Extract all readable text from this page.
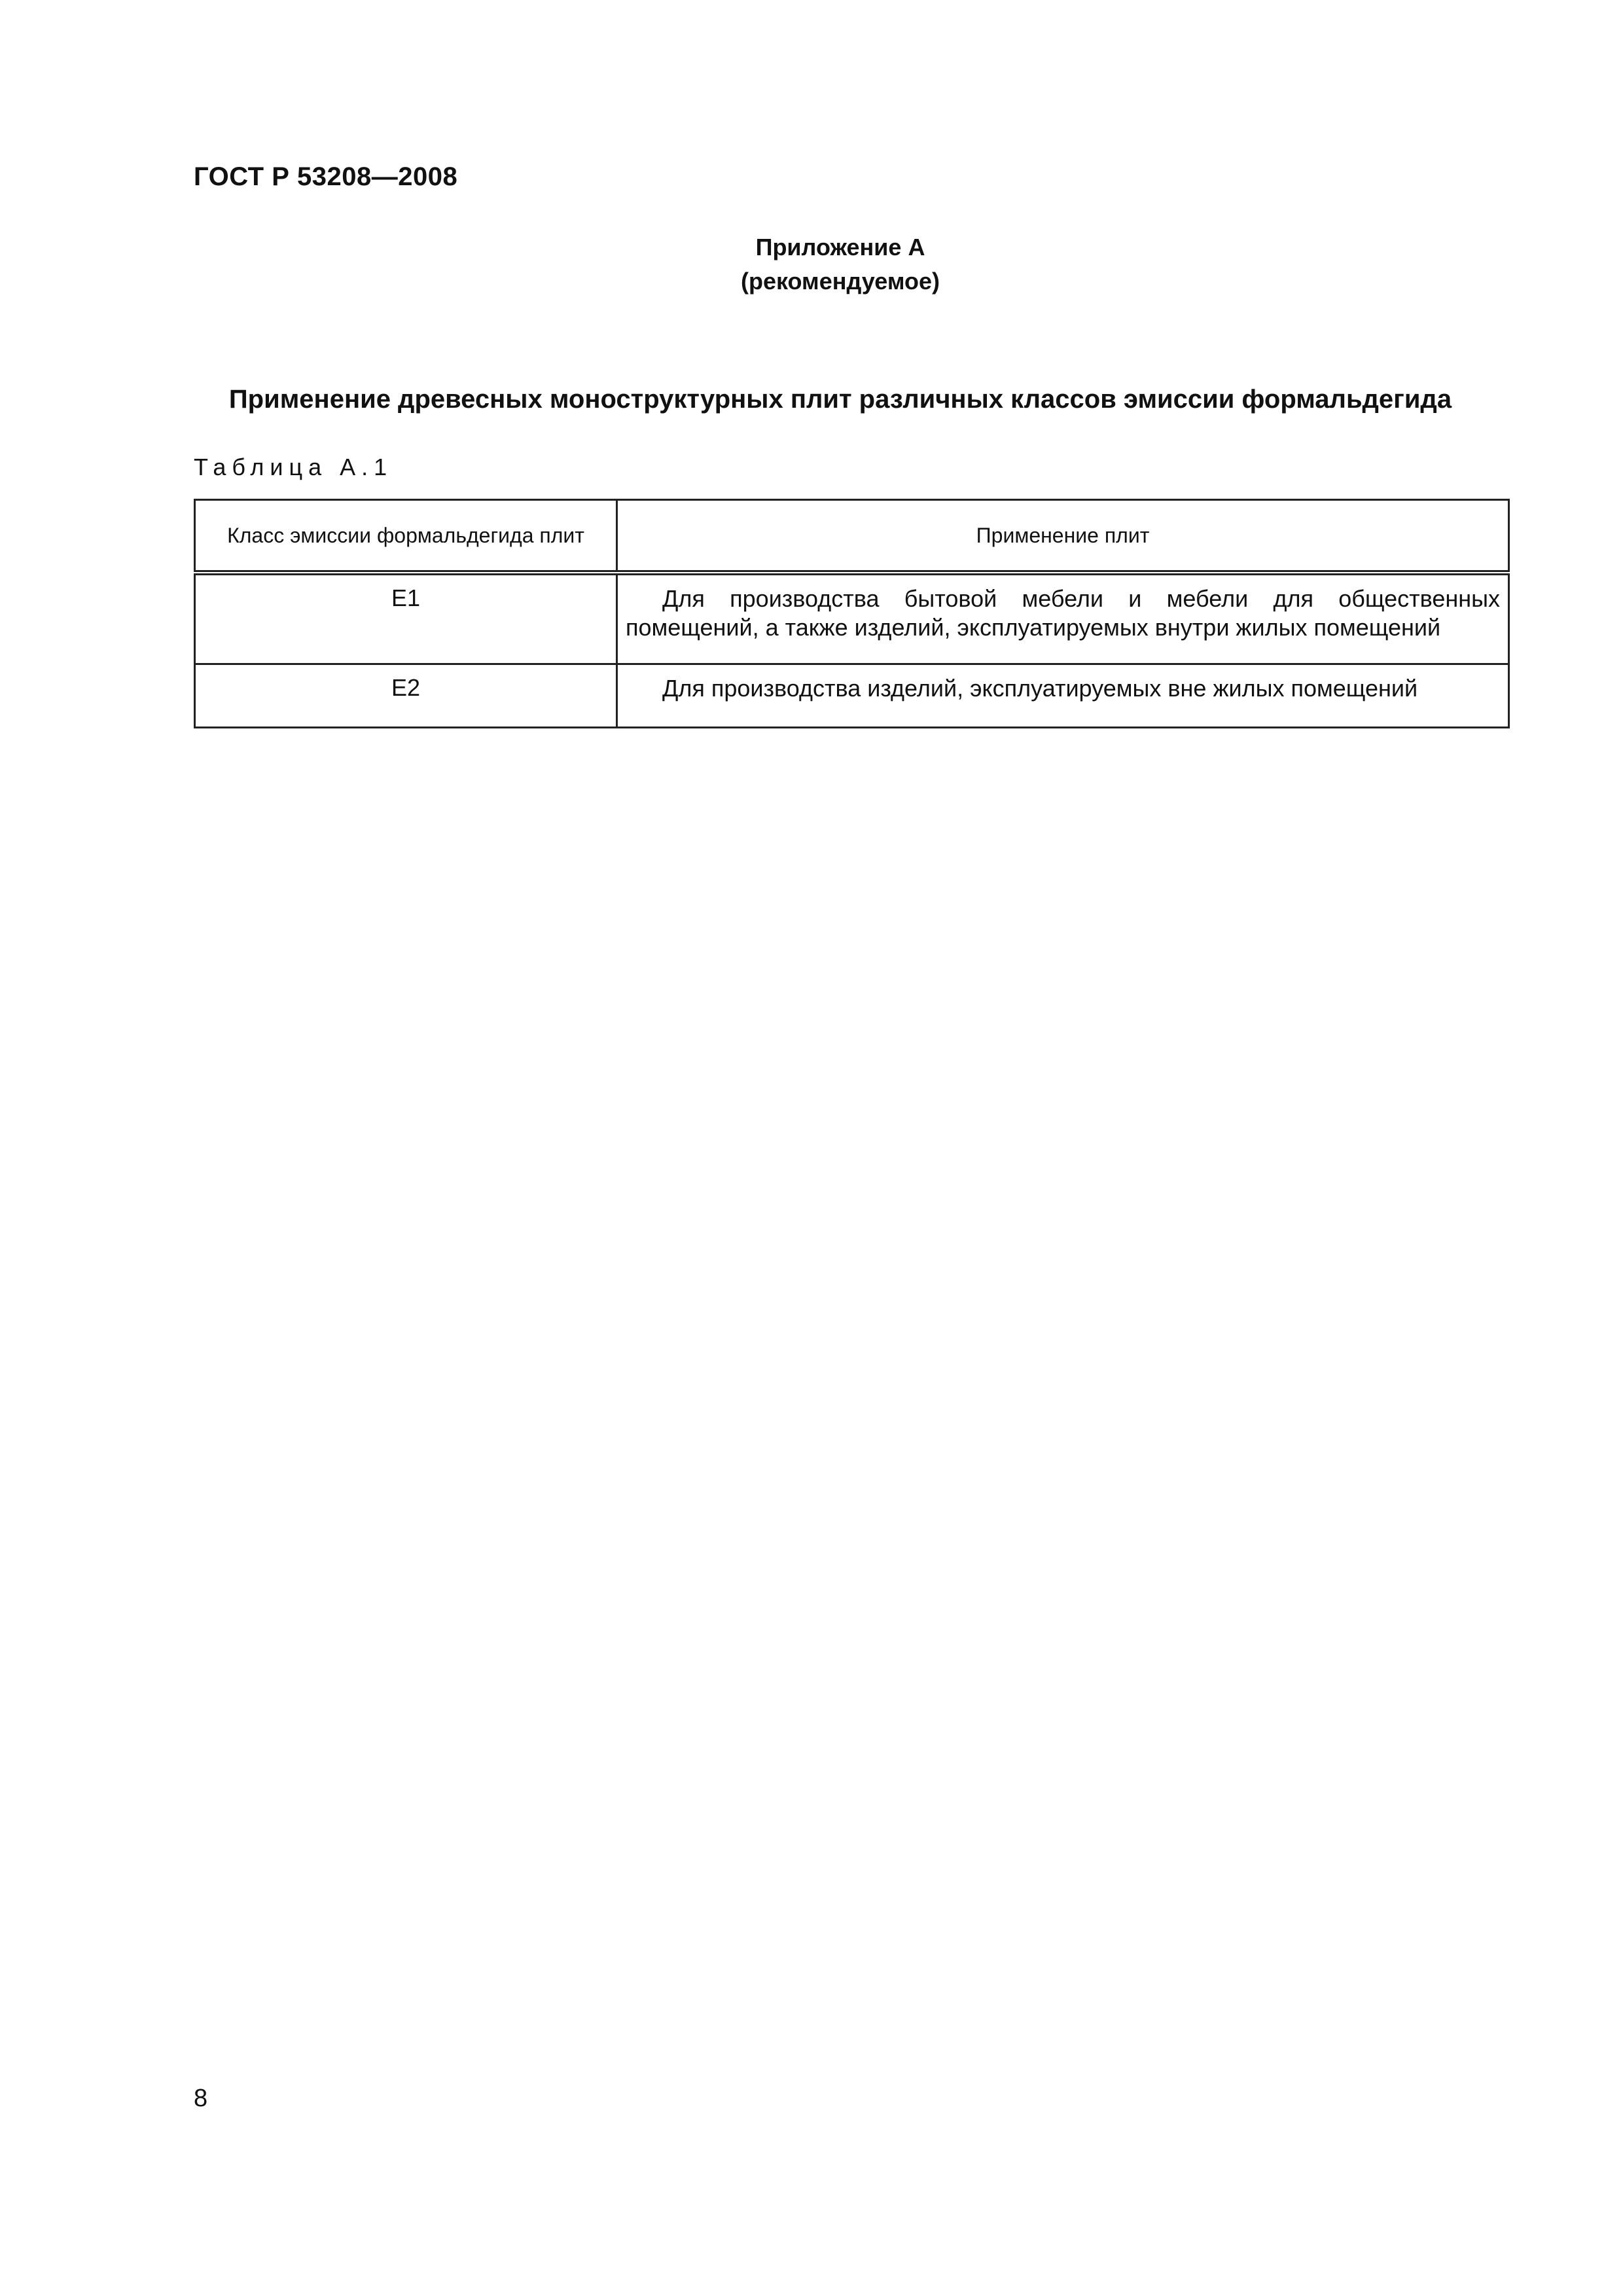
ГОСТ Р 53208—2008
Приложение А
(рекомендуемое)
Применение древесных моноструктурных плит различных классов эмиссии формальдегида
Таблица А.1
Класс эмиссии формальдегида плит	Применение плит
Е1	Для производства бытовой мебели и мебели для общественных помещений, а также изделий, эксплуатируемых внутри жилых помещений
Е2	Для производства изделий, эксплуатируемых вне жилых помещений
8
